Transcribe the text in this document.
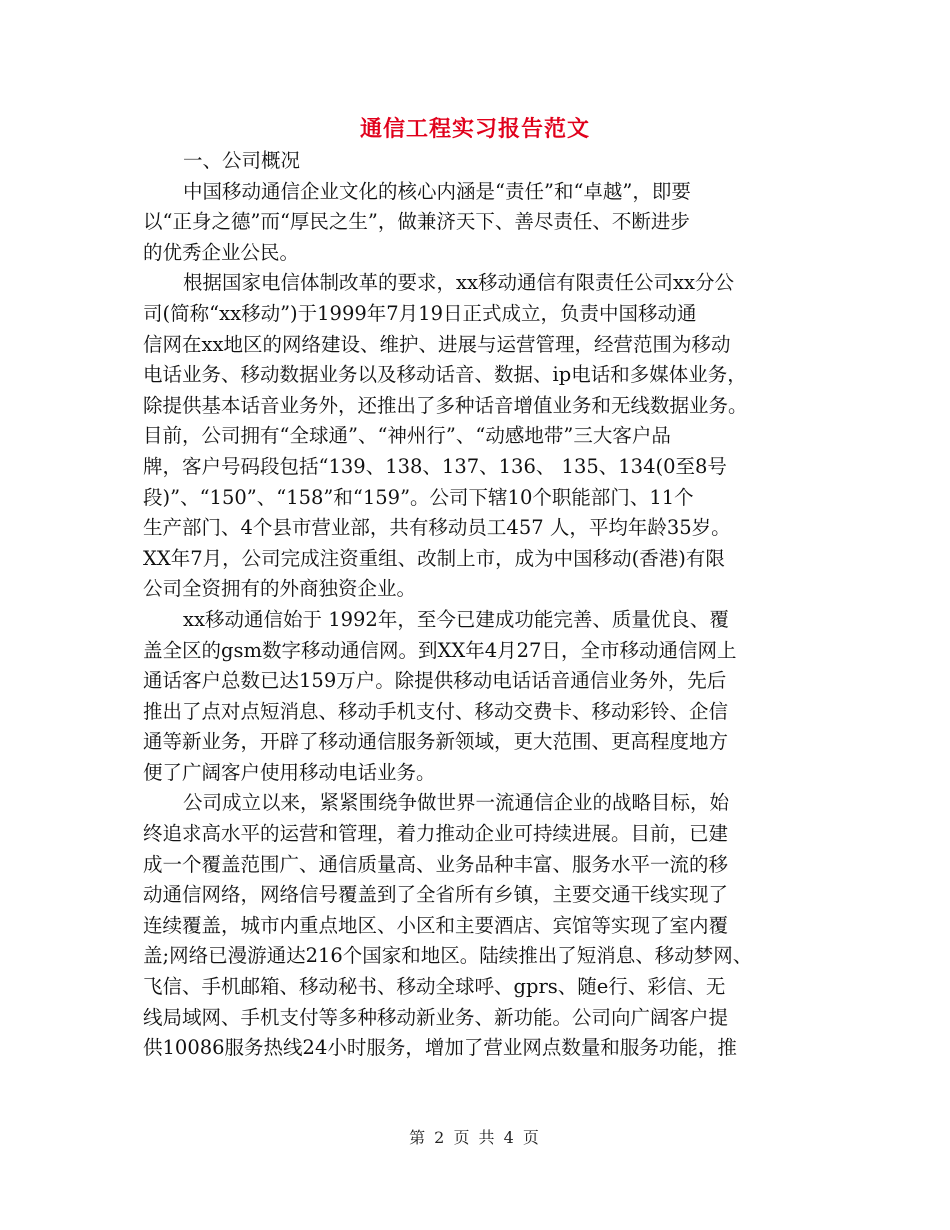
通信工程实习报告范文
一、公司概况
中国移动通信企业文化的核心内涵是“责任”和“卓越”，即要
以“正身之德”而“厚民之生”，做兼济天下、善尽责任、不断进步
的优秀企业公民。
根据国家电信体制改革的要求，xx移动通信有限责任公司xx分公
司(简称“xx移动”)于1999年7月19日正式成立，负责中国移动通
信网在xx地区的网络建设、维护、进展与运营管理，经营范围为移动
电话业务、移动数据业务以及移动话音、数据、ip电话和多媒体业务，
除提供基本话音业务外，还推出了多种话音增值业务和无线数据业务。
目前，公司拥有“全球通”、“神州行”、“动感地带”三大客户品
牌，客户号码段包括“139、138、137、136、 135、134(0至8号
段)”、“150”、“158”和“159”。公司下辖10个职能部门、11个
生产部门、4个县市营业部，共有移动员工457 人，平均年龄35岁。
XX年7月，公司完成注资重组、改制上市，成为中国移动(香港)有限
公司全资拥有的外商独资企业。
xx移动通信始于 1992年，至今已建成功能完善、质量优良、覆
盖全区的gsm数字移动通信网。到XX年4月27日，全市移动通信网上
通话客户总数已达159万户。除提供移动电话话音通信业务外，先后
推出了点对点短消息、移动手机支付、移动交费卡、移动彩铃、企信
通等新业务，开辟了移动通信服务新领域，更大范围、更高程度地方
便了广阔客户使用移动电话业务。
公司成立以来，紧紧围绕争做世界一流通信企业的战略目标，始
终追求高水平的运营和管理，着力推动企业可持续进展。目前，已建
成一个覆盖范围广、通信质量高、业务品种丰富、服务水平一流的移
动通信网络，网络信号覆盖到了全省所有乡镇，主要交通干线实现了
连续覆盖，城市内重点地区、小区和主要酒店、宾馆等实现了室内覆
盖;网络已漫游通达216个国家和地区。陆续推出了短消息、移动梦网、
飞信、手机邮箱、移动秘书、移动全球呼、gprs、随e行、彩信、无
线局域网、手机支付等多种移动新业务、新功能。公司向广阔客户提
供10086服务热线24小时服务，增加了营业网点数量和服务功能，推
第 2 页 共 4 页
